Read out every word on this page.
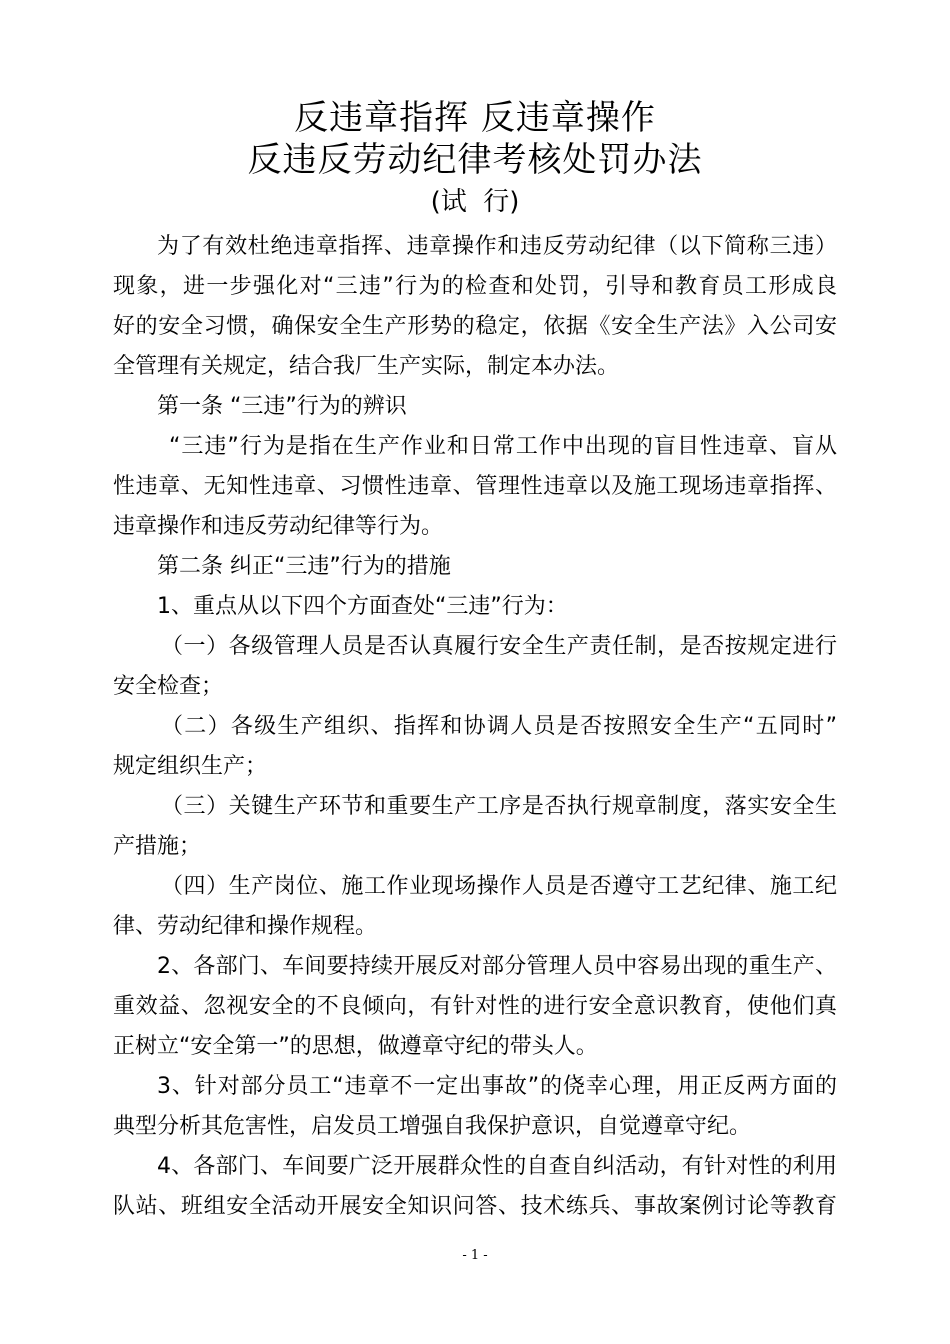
反违章指挥 反违章操作
反违反劳动纪律考核处罚办法
(试  行)
为了有效杜绝违章指挥、违章操作和违反劳动纪律（以下简称三违）
现象，进一步强化对“三违”行为的检查和处罚，引导和教育员工形成良
好的安全习惯，确保安全生产形势的稳定，依据《安全生产法》入公司安
全管理有关规定，结合我厂生产实际，制定本办法。
第一条 “三违”行为的辨识
“三违”行为是指在生产作业和日常工作中出现的盲目性违章、盲从
性违章、无知性违章、习惯性违章、管理性违章以及施工现场违章指挥、
违章操作和违反劳动纪律等行为。
第二条 纠正“三违”行为的措施
1、重点从以下四个方面查处“三违”行为：
（一）各级管理人员是否认真履行安全生产责任制，是否按规定进行
安全检查；
（二）各级生产组织、指挥和协调人员是否按照安全生产“五同时”
规定组织生产；
（三）关键生产环节和重要生产工序是否执行规章制度，落实安全生
产措施；
（四）生产岗位、施工作业现场操作人员是否遵守工艺纪律、施工纪
律、劳动纪律和操作规程。
2、各部门、车间要持续开展反对部分管理人员中容易出现的重生产、
重效益、忽视安全的不良倾向，有针对性的进行安全意识教育，使他们真
正树立“安全第一”的思想，做遵章守纪的带头人。
3、针对部分员工“违章不一定出事故”的侥幸心理，用正反两方面的
典型分析其危害性，启发员工增强自我保护意识，自觉遵章守纪。
4、各部门、车间要广泛开展群众性的自查自纠活动，有针对性的利用
队站、班组安全活动开展安全知识问答、技术练兵、事故案例讨论等教育
- 1 -
